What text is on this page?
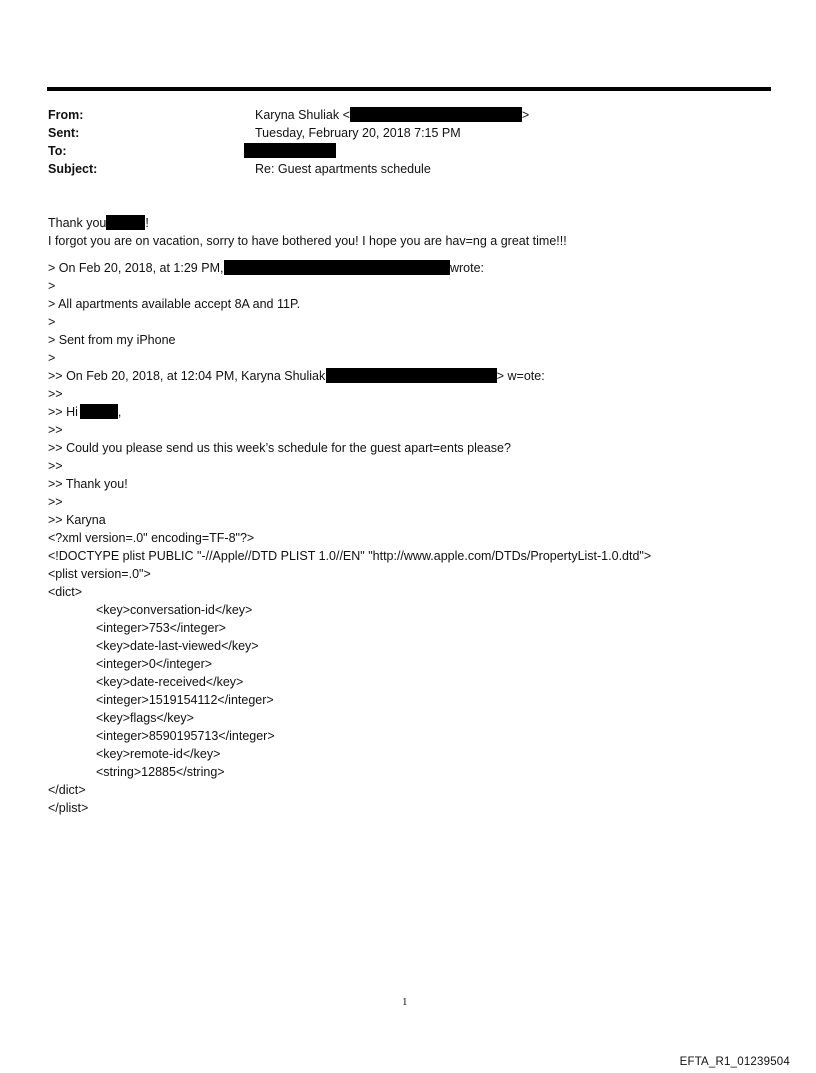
From:	Karyna Shuliak <	>
Sent:	Tuesday, February 20, 2018 7:15 PM
To:
Subject:	Re: Guest apartments schedule
Thank you	!
I forgot you are on vacation, sorry to have bothered you! I hope you are hav=ng a great time!!!
> On Feb 20, 2018, at 1:29 PM,	wrote:
>
> All apartments available accept 8A and 11P.
>
> Sent from my iPhone
>
>> On Feb 20, 2018, at 12:04 PM, Karyna Shuliak	> w=ote:
>>
>> Hi	,
>>
>> Could you please send us this week’s schedule for the guest apart=ents please?
>>
>> Thank you!
>>
>> Karyna
<?xml version=.0" encoding=TF-8"?>
<!DOCTYPE plist PUBLIC "-//Apple//DTD PLIST 1.0//EN" "http://www.apple.com/DTDs/PropertyList-1.0.dtd">
<plist version=.0">
<dict>
<key>conversation-id</key>
<integer>753</integer>
<key>date-last-viewed</key>
<integer>0</integer>
<key>date-received</key>
<integer>1519154112</integer>
<key>flags</key>
<integer>8590195713</integer>
<key>remote-id</key>
<string>12885</string>
</dict>
</plist>
1
EFTA_R1_01239504
